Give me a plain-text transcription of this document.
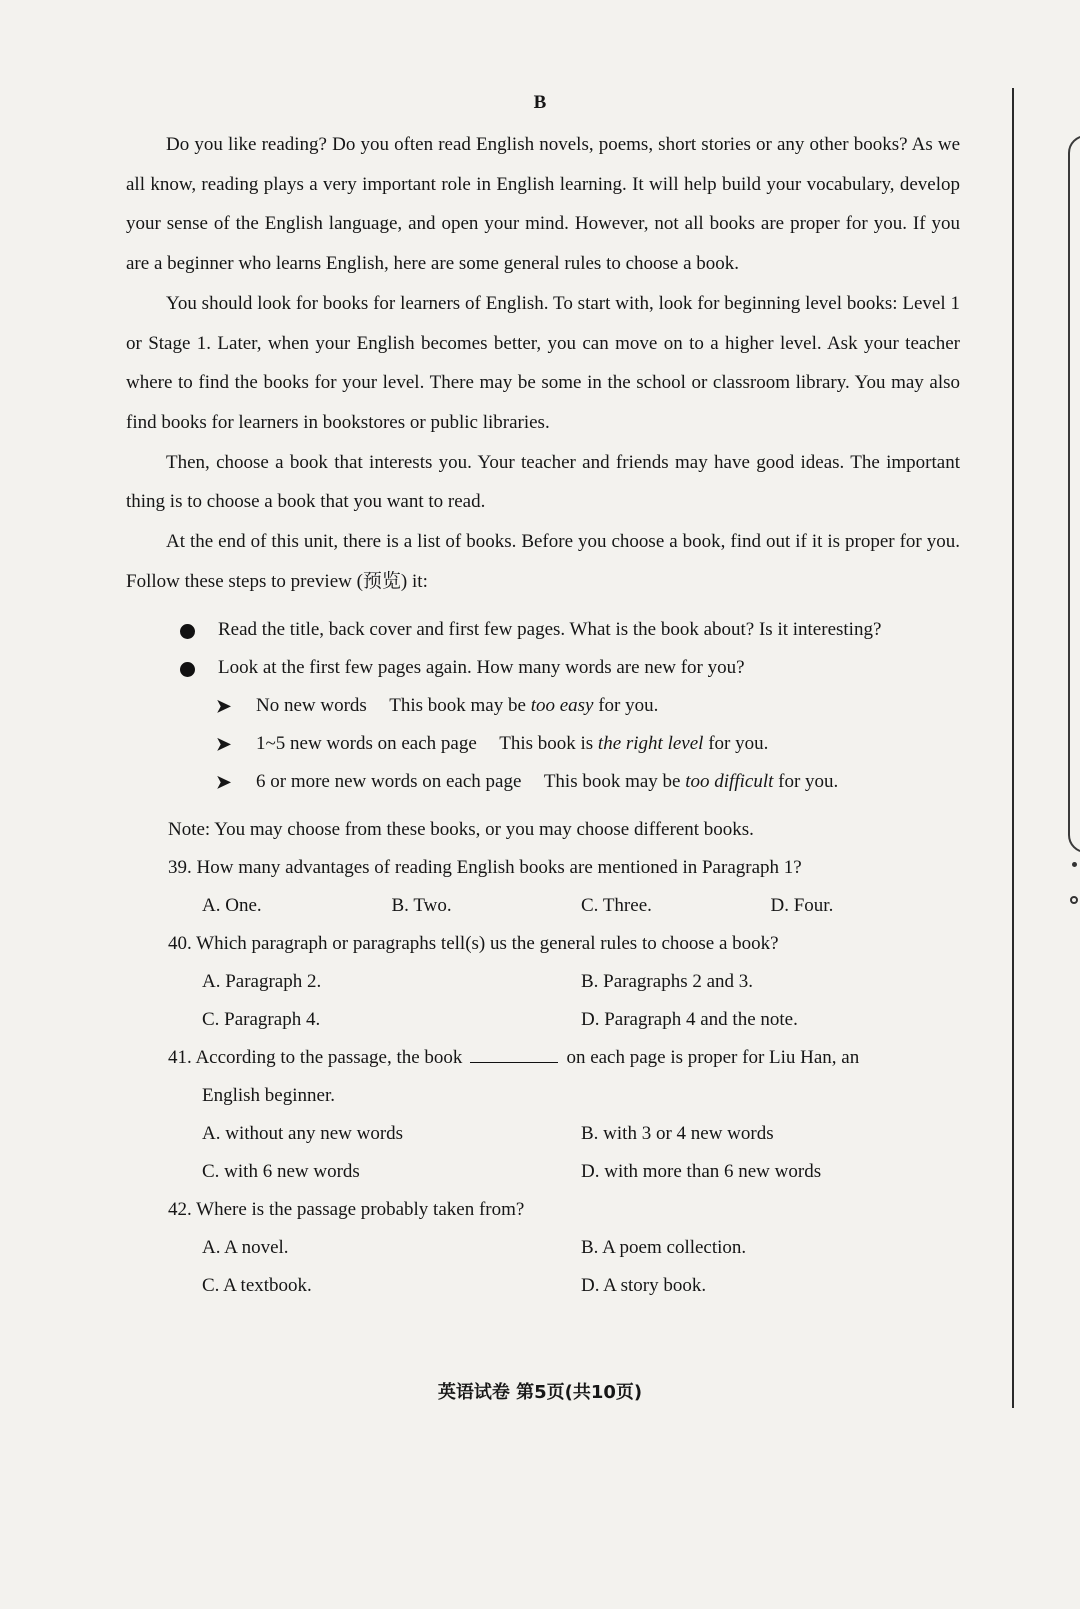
B

Do you like reading? Do you often read English novels, poems, short stories or any other books? As we all know, reading plays a very important role in English learning. It will help build your vocabulary, develop your sense of the English language, and open your mind. However, not all books are proper for you. If you are a beginner who learns English, here are some general rules to choose a book.

You should look for books for learners of English. To start with, look for beginning level books: Level 1 or Stage 1. Later, when your English becomes better, you can move on to a higher level. Ask your teacher where to find the books for your level. There may be some in the school or classroom library. You may also find books for learners in bookstores or public libraries.

Then, choose a book that interests you. Your teacher and friends may have good ideas. The important thing is to choose a book that you want to read.

At the end of this unit, there is a list of books. Before you choose a book, find out if it is proper for you. Follow these steps to preview (预览) it:

Read the title, back cover and first few pages. What is the book about? Is it interesting?
Look at the first few pages again. How many words are new for you?
➤ No new words This book may be too easy for you.
➤ 1~5 new words on each page This book is the right level for you.
➤ 6 or more new words on each page This book may be too difficult for you.
Note: You may choose from these books, or you may choose different books.
39. How many advantages of reading English books are mentioned in Paragraph 1?
A. One.	B. Two.	C. Three.	D. Four.
40. Which paragraph or paragraphs tell(s) us the general rules to choose a book?
A. Paragraph 2.	B. Paragraphs 2 and 3.
C. Paragraph 4.	D. Paragraph 4 and the note.
41. According to the passage, the book	on each page is proper for Liu Han, an
English beginner.
A. without any new words	B. with 3 or 4 new words
C. with 6 new words	D. with more than 6 new words
42. Where is the passage probably taken from?
A. A novel.	B. A poem collection.
C. A textbook.	D. A story book.
英语试卷 第5页(共10页)
